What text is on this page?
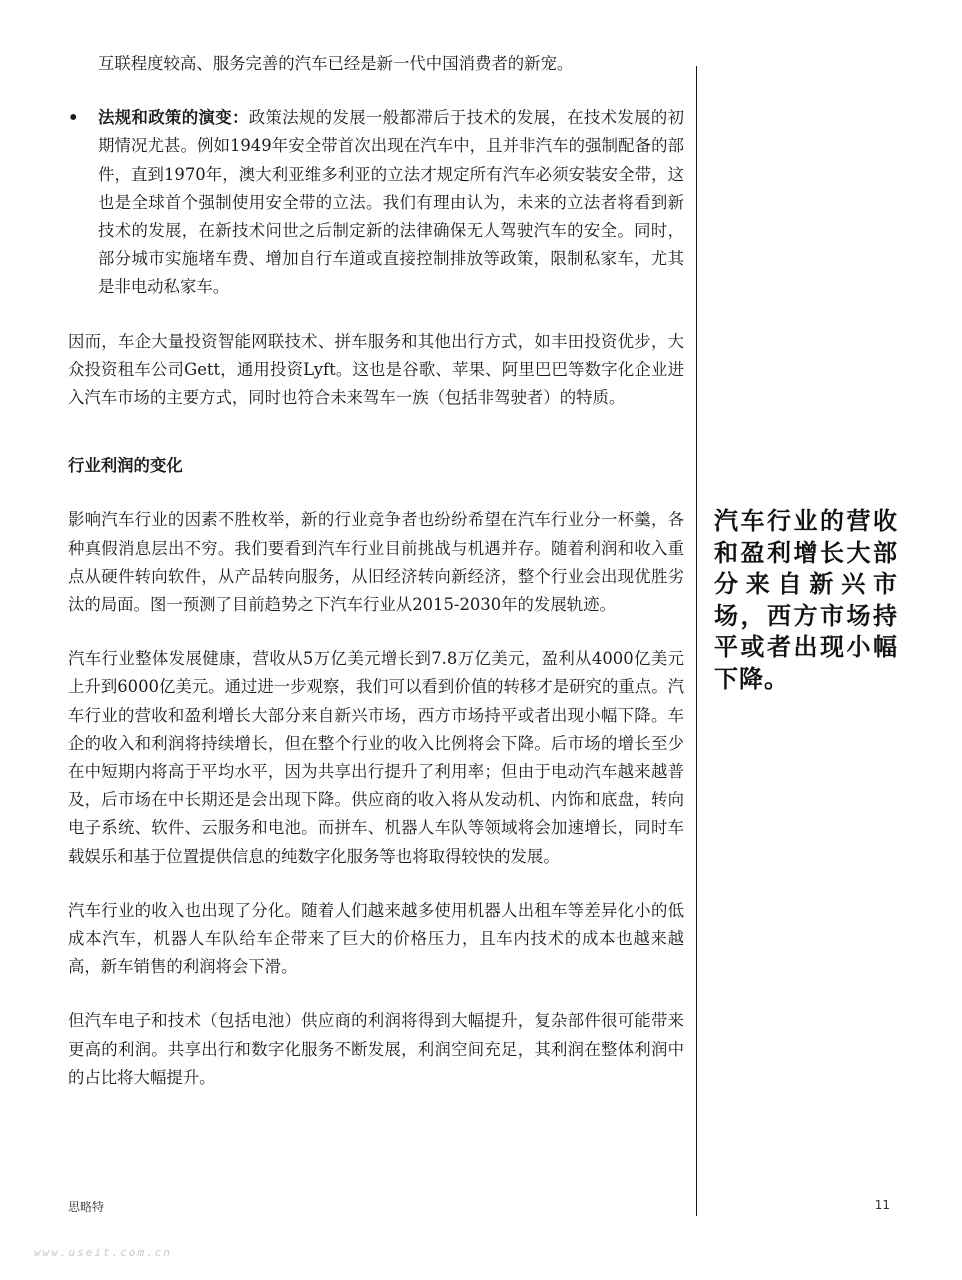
互联程度较高、服务完善的汽车已经是新一代中国消费者的新宠。

•	法规和政策的演变：政策法规的发展一般都滞后于技术的发展，在技术发展的初期情况尤甚。例如1949年安全带首次出现在汽车中，且并非汽车的强制配备的部件，直到1970年，澳大利亚维多利亚的立法才规定所有汽车必须安装安全带，这也是全球首个强制使用安全带的立法。我们有理由认为，未来的立法者将看到新技术的发展，在新技术问世之后制定新的法律确保无人驾驶汽车的安全。同时，部分城市实施堵车费、增加自行车道或直接控制排放等政策，限制私家车，尤其是非电动私家车。

因而，车企大量投资智能网联技术、拼车服务和其他出行方式，如丰田投资优步，大众投资租车公司Gett，通用投资Lyft。这也是谷歌、苹果、阿里巴巴等数字化企业进入汽车市场的主要方式，同时也符合未来驾车一族（包括非驾驶者）的特质。

行业利润的变化

影响汽车行业的因素不胜枚举，新的行业竞争者也纷纷希望在汽车行业分一杯羹，各种真假消息层出不穷。我们要看到汽车行业目前挑战与机遇并存。随着利润和收入重点从硬件转向软件，从产品转向服务，从旧经济转向新经济，整个行业会出现优胜劣汰的局面。图一预测了目前趋势之下汽车行业从2015-2030年的发展轨迹。

汽车行业整体发展健康，营收从5万亿美元增长到7.8万亿美元，盈利从4000亿美元上升到6000亿美元。通过进一步观察，我们可以看到价值的转移才是研究的重点。汽车行业的营收和盈利增长大部分来自新兴市场，西方市场持平或者出现小幅下降。车企的收入和利润将持续增长，但在整个行业的收入比例将会下降。后市场的增长至少在中短期内将高于平均水平，因为共享出行提升了利用率；但由于电动汽车越来越普及，后市场在中长期还是会出现下降。供应商的收入将从发动机、内饰和底盘，转向电子系统、软件、云服务和电池。而拼车、机器人车队等领域将会加速增长，同时车载娱乐和基于位置提供信息的纯数字化服务等也将取得较快的发展。

汽车行业的收入也出现了分化。随着人们越来越多使用机器人出租车等差异化小的低成本汽车，机器人车队给车企带来了巨大的价格压力，且车内技术的成本也越来越高，新车销售的利润将会下滑。

但汽车电子和技术（包括电池）供应商的利润将得到大幅提升，复杂部件很可能带来更高的利润。共享出行和数字化服务不断发展，利润空间充足，其利润在整体利润中的占比将大幅提升。

汽车行业的营收和盈利增长大部分来自新兴市场，西方市场持平或者出现小幅下降。
思略特	11
www.useit.com.cn
